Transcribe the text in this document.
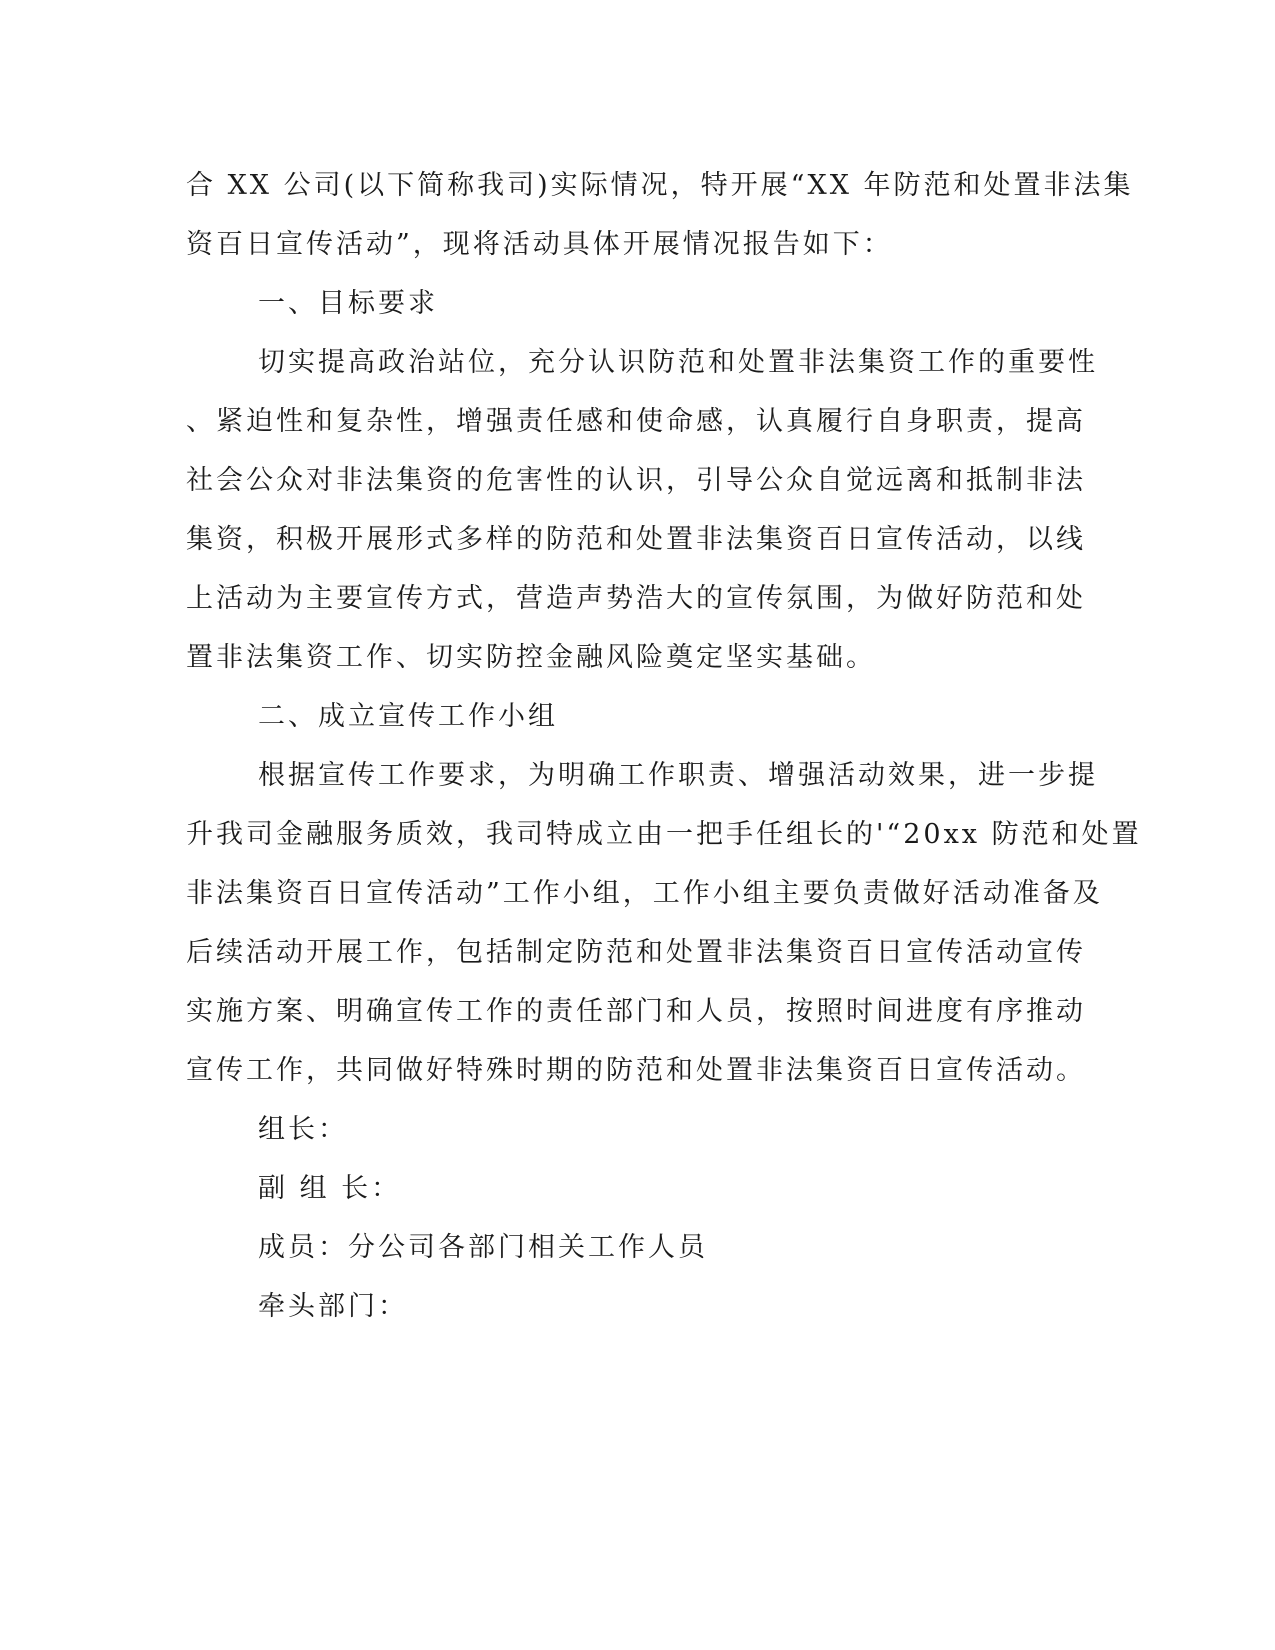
合 XX 公司(以下简称我司)实际情况，特开展“XX 年防范和处置非法集

资百日宣传活动”，现将活动具体开展情况报告如下：

一、目标要求

切实提高政治站位，充分认识防范和处置非法集资工作的重要性

、紧迫性和复杂性，增强责任感和使命感，认真履行自身职责，提高

社会公众对非法集资的危害性的认识，引导公众自觉远离和抵制非法

集资，积极开展形式多样的防范和处置非法集资百日宣传活动，以线

上活动为主要宣传方式，营造声势浩大的宣传氛围，为做好防范和处

置非法集资工作、切实防控金融风险奠定坚实基础。

二、成立宣传工作小组

根据宣传工作要求，为明确工作职责、增强活动效果，进一步提

升我司金融服务质效，我司特成立由一把手任组长的'“20xx 防范和处置

非法集资百日宣传活动”工作小组，工作小组主要负责做好活动准备及

后续活动开展工作，包括制定防范和处置非法集资百日宣传活动宣传

实施方案、明确宣传工作的责任部门和人员，按照时间进度有序推动

宣传工作，共同做好特殊时期的防范和处置非法集资百日宣传活动。

组长：

副 组 长：

成员：分公司各部门相关工作人员

牵头部门：
